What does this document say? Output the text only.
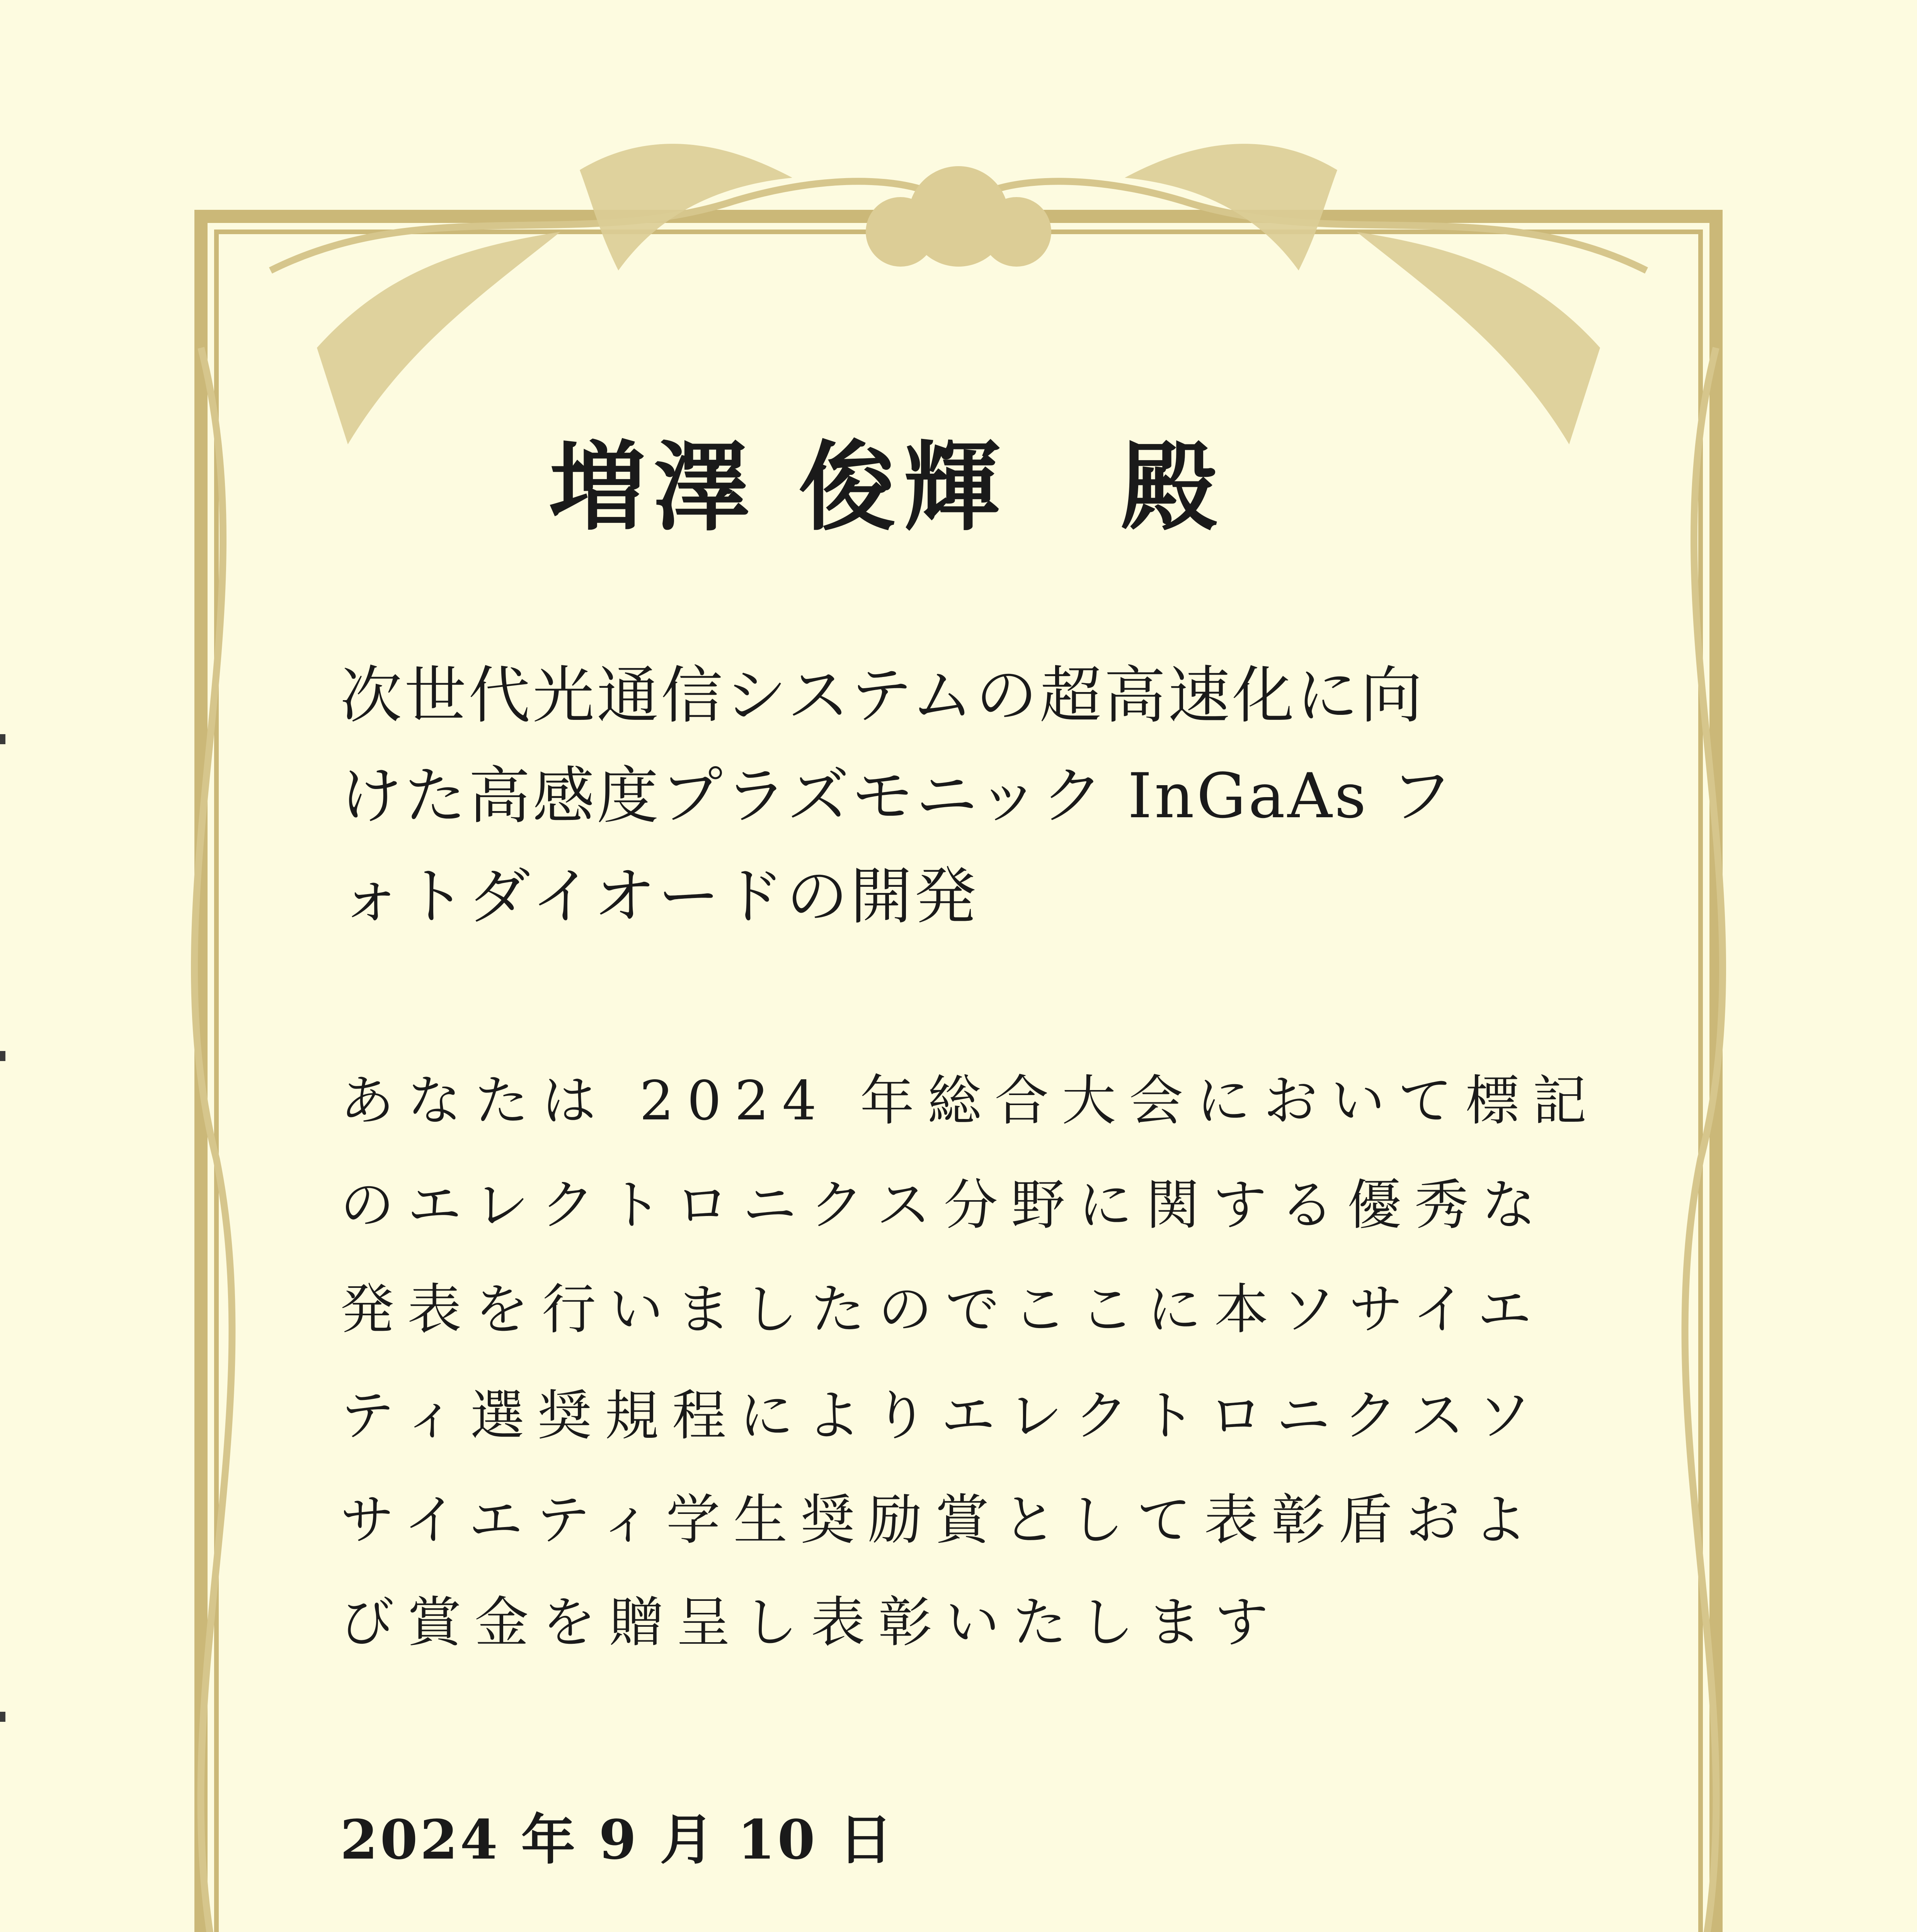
増澤 俊輝 殿

次世代光通信システムの超高速化に向

けた高感度プラズモニック InGaAs フ

ォトダイオードの開発

あなたは 2024 年総合大会において標記

のエレクトロニクス分野に関する優秀な

発表を行いましたのでここに本ソサイエ

ティ選奨規程によりエレクトロニクスソ

サイエティ学生奨励賞として表彰盾およ

び賞金を贈呈し表彰いたします

2024 年 9 月 10 日
